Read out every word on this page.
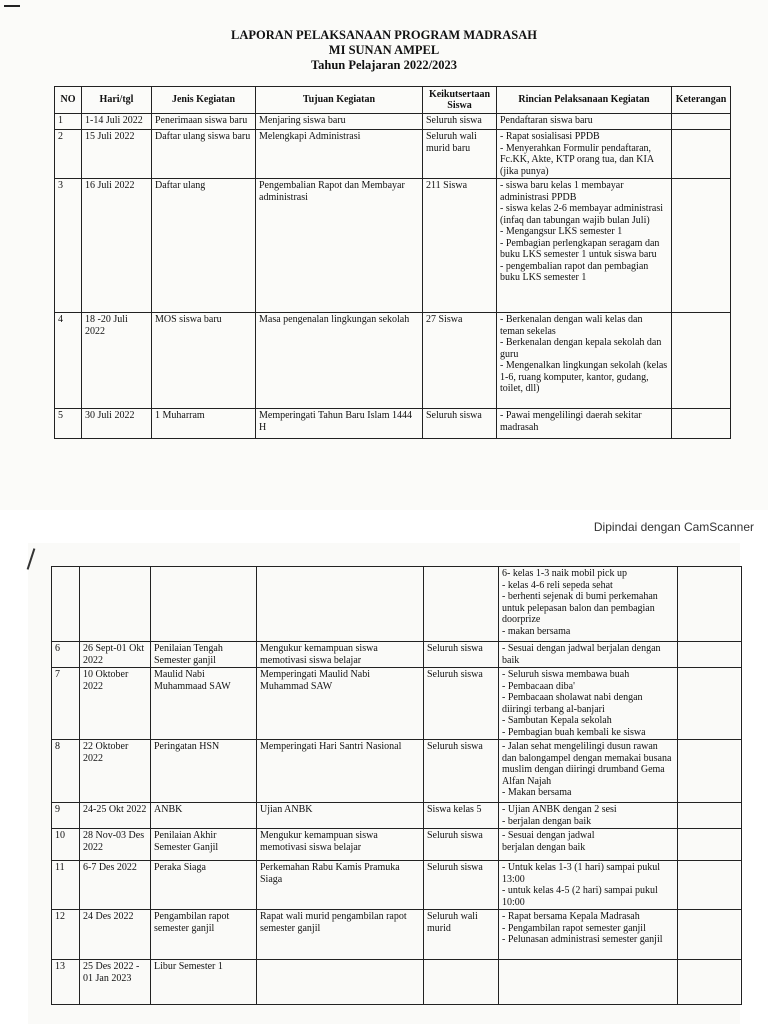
LAPORAN PELAKSANAAN PROGRAM MADRASAH
MI SUNAN AMPEL
Tahun Pelajaran 2022/2023
NO	Hari/tgl	Jenis Kegiatan	Tujuan Kegiatan	Keikutsertaan Siswa	Rincian Pelaksanaan Kegiatan	Keterangan
1	1-14 Juli 2022	Penerimaan siswa baru	Menjaring siswa baru	Seluruh siswa	Pendaftaran siswa baru	

2	15 Juli 2022	Daftar ulang siswa baru	Melengkapi Administrasi	Seluruh wali murid baru	- Rapat sosialisasi PPDB
- Menyerahkan Formulir pendaftaran, Fc.KK, Akte, KTP orang tua, dan KIA (jika punya)	

3	16 Juli 2022	Daftar ulang	Pengembalian Rapot dan Membayar administrasi	211 Siswa	- siswa baru kelas 1 membayar administrasi PPDB
- siswa kelas 2-6 membayar administrasi (infaq dan tabungan wajib bulan Juli)
- Mengangsur LKS semester 1
- Pembagian perlengkapan seragam dan buku LKS semester 1 untuk siswa baru
- pengembalian rapot dan pembagian buku LKS semester 1	

4	18 -20 Juli 2022	MOS siswa baru	Masa pengenalan lingkungan sekolah	27 Siswa	- Berkenalan dengan wali kelas dan teman sekelas
- Berkenalan dengan kepala sekolah dan guru
- Mengenalkan lingkungan sekolah (kelas 1-6, ruang komputer, kantor, gudang, toilet, dll)	

5	30 Juli 2022	1 Muharram	Memperingati Tahun Baru Islam 1444 H	Seluruh siswa	- Pawai mengelilingi daerah sekitar madrasah	

Dipindai dengan CamScanner

					6- kelas 1-3 naik mobil pick up
- kelas 4-6 reli sepeda sehat
- berhenti sejenak di bumi perkemahan untuk pelepasan balon dan pembagian doorprize
- makan bersama	

6	26 Sept-01 Okt 2022	Penilaian Tengah Semester ganjil	Mengukur kemampuan siswa memotivasi siswa belajar	Seluruh siswa	- Sesuai dengan jadwal berjalan dengan baik	

7	10 Oktober 2022	Maulid Nabi Muhammaad SAW	Memperingati Maulid Nabi Muhammad SAW	Seluruh siswa	- Seluruh siswa membawa buah
- Pembacaan diba'
- Pembacaan sholawat nabi dengan diiringi terbang al-banjari
- Sambutan Kepala sekolah
- Pembagian buah kembali ke siswa	

8	22 Oktober 2022	Peringatan HSN	Memperingati Hari Santri Nasional	Seluruh siswa	- Jalan sehat mengelilingi dusun rawan dan balongampel dengan memakai busana muslim dengan diiringi drumband Gema Alfan Najah
- Makan bersama	

9	24-25 Okt 2022	ANBK	Ujian ANBK	Siswa kelas 5	- Ujian ANBK dengan 2 sesi
- berjalan dengan baik	

10	28 Nov-03 Des 2022	Penilaian Akhir Semester Ganjil	Mengukur kemampuan siswa memotivasi siswa belajar	Seluruh siswa	- Sesuai dengan jadwal
berjalan dengan baik	

11	6-7 Des 2022	Peraka Siaga	Perkemahan Rabu Kamis Pramuka Siaga	Seluruh siswa	- Untuk kelas 1-3 (1 hari) sampai pukul 13:00
- untuk kelas 4-5 (2 hari) sampai pukul 10:00	

12	24 Des 2022	Pengambilan rapot semester ganjil	Rapat wali murid pengambilan rapot semester ganjil	Seluruh wali murid	- Rapat bersama Kepala Madrasah
- Pengambilan rapot semester ganjil
- Pelunasan administrasi semester ganjil	

13	25 Des 2022 - 01 Jan 2023	Libur Semester 1				
